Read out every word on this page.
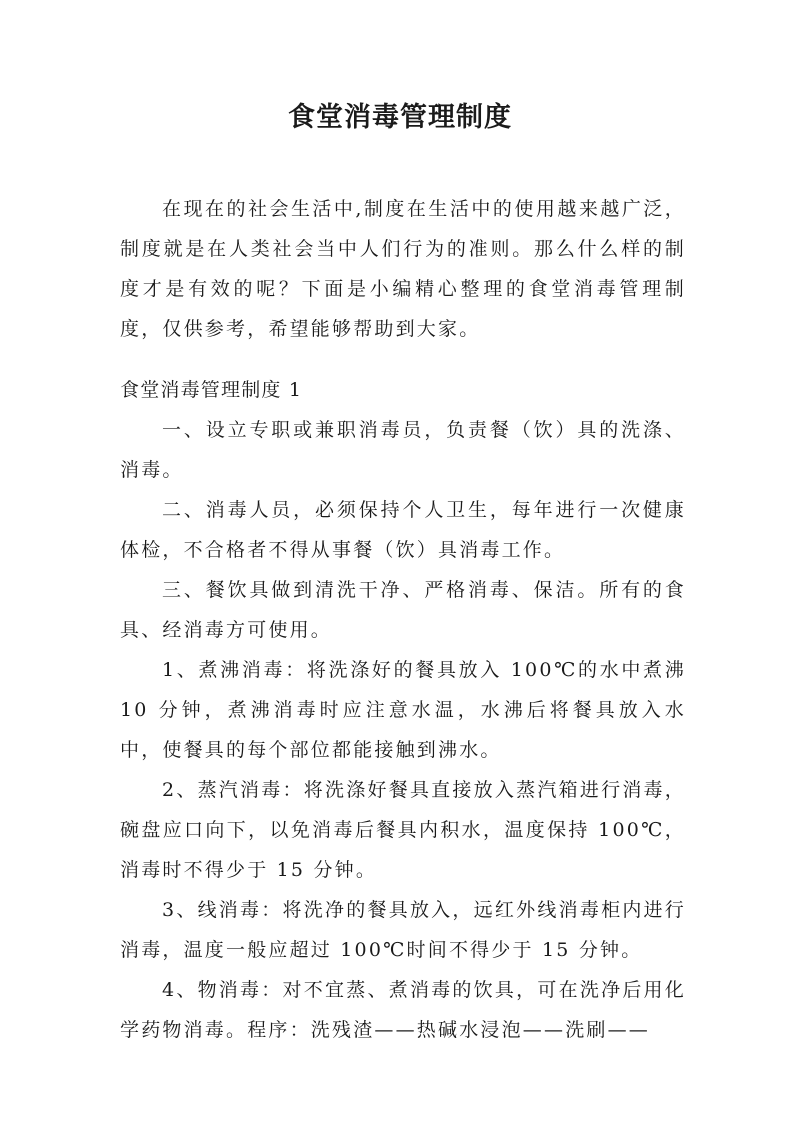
食堂消毒管理制度

在现在的社会生活中,制度在生活中的使用越来越广泛，制度就是在人类社会当中人们行为的准则。那么什么样的制度才是有效的呢？下面是小编精心整理的食堂消毒管理制度，仅供参考，希望能够帮助到大家。

食堂消毒管理制度 1

一、设立专职或兼职消毒员，负责餐（饮）具的洗涤、消毒。

二、消毒人员，必须保持个人卫生，每年进行一次健康体检，不合格者不得从事餐（饮）具消毒工作。

三、餐饮具做到清洗干净、严格消毒、保洁。所有的食具、经消毒方可使用。

1、煮沸消毒：将洗涤好的餐具放入 100℃的水中煮沸 10 分钟，煮沸消毒时应注意水温，水沸后将餐具放入水中，使餐具的每个部位都能接触到沸水。

2、蒸汽消毒：将洗涤好餐具直接放入蒸汽箱进行消毒，碗盘应口向下，以免消毒后餐具内积水，温度保持 100℃，消毒时不得少于 15 分钟。

3、线消毒：将洗净的餐具放入，远红外线消毒柜内进行消毒，温度一般应超过 100℃时间不得少于 15 分钟。

4、物消毒：对不宜蒸、煮消毒的饮具，可在洗净后用化学药物消毒。程序：洗残渣——热碱水浸泡——洗刷——
